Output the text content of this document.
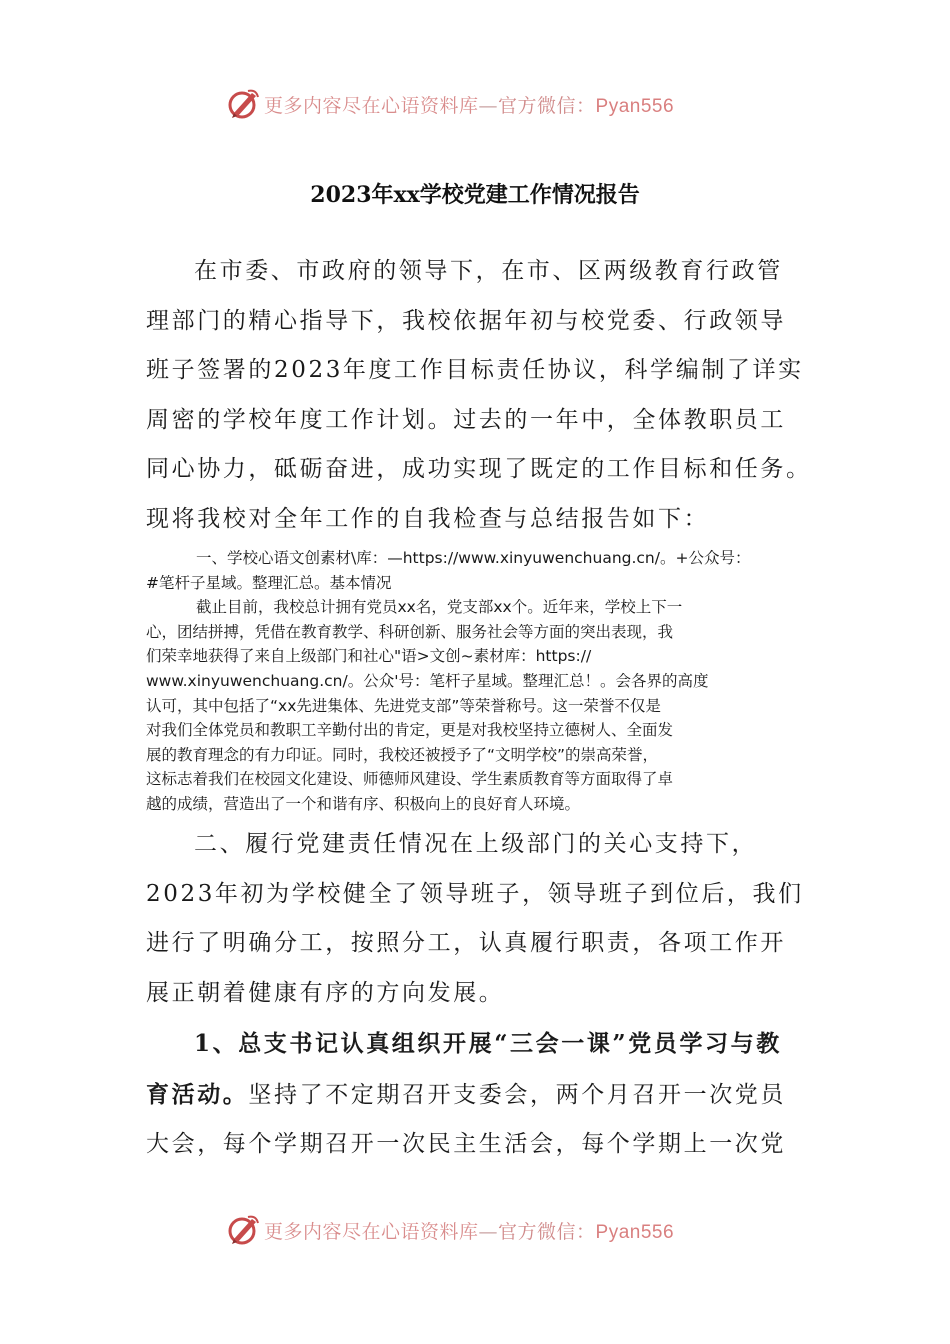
更多内容尽在心语资料库—官方微信：Pyan556
2023年xx学校党建工作情况报告

在市委、市政府的领导下，在市、区两级教育行政管
理部门的精心指导下，我校依据年初与校党委、行政领导
班子签署的2023年度工作目标责任协议，科学编制了详实
周密的学校年度工作计划。过去的一年中，全体教职员工
同心协力，砥砺奋进，成功实现了既定的工作目标和任务。
现将我校对全年工作的自我检查与总结报告如下：

一、学校心语文创素材\库：—https://www.xinyuwenchuang.cn/。+公众号：
#笔杆子星域。整理汇总。基本情况
截止目前，我校总计拥有党员xx名，党支部xx个。近年来，学校上下一
心，团结拼搏，凭借在教育教学、科研创新、服务社会等方面的突出表现，我
们荣幸地获得了来自上级部门和社心"语>文创~素材库：https://
www.xinyuwenchuang.cn/。公众'号：笔杆子星域。整理汇总！。会各界的高度
认可，其中包括了“xx先进集体、先进党支部”等荣誉称号。这一荣誉不仅是
对我们全体党员和教职工辛勤付出的肯定，更是对我校坚持立德树人、全面发
展的教育理念的有力印证。同时，我校还被授予了“文明学校”的崇高荣誉，
这标志着我们在校园文化建设、师德师风建设、学生素质教育等方面取得了卓
越的成绩，营造出了一个和谐有序、积极向上的良好育人环境。

二、履行党建责任情况在上级部门的关心支持下，
2023年初为学校健全了领导班子，领导班子到位后，我们
进行了明确分工，按照分工，认真履行职责，各项工作开
展正朝着健康有序的方向发展。

1、总支书记认真组织开展“三会一课”党员学习与教
育活动。坚持了不定期召开支委会，两个月召开一次党员
大会，每个学期召开一次民主生活会，每个学期上一次党

更多内容尽在心语资料库—官方微信：Pyan556
